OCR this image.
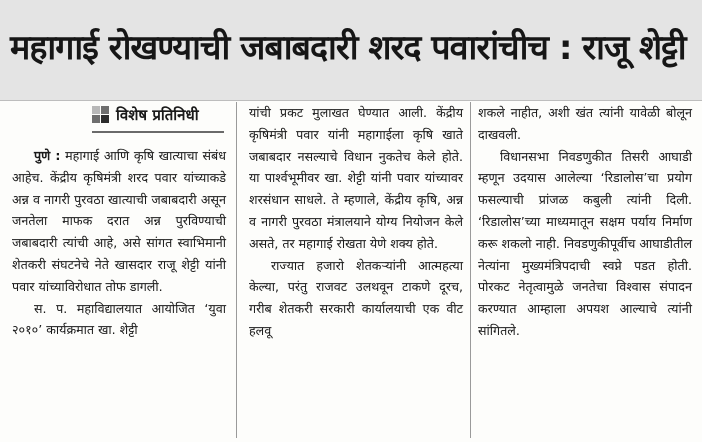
महागाई रोखण्याची जबाबदारी शरद पवारांचीच : राजू शेट्टी
विशेष प्रतिनिधी

पुणे : महागाई आणि कृषि खात्याचा संबंध आहेच. केंद्रीय कृषिमंत्री शरद पवार यांच्याकडे अन्न व नागरी पुरवठा खात्याची जबाबदारी असून जनतेला माफक दरात अन्न पुरविण्याची जबाबदारी त्यांची आहे, असे सांगत स्वाभिमानी शेतकरी संघटनेचे नेते खासदार राजू शेट्टी यांनी पवार यांच्याविरोधात तोफ डागली.

स. प. महाविद्यालयात आयोजित ‘युवा २०१०’ कार्यक्रमात खा. शेट्टी

यांची प्रकट मुलाखत घेण्यात आली. केंद्रीय कृषिमंत्री पवार यांनी महागाईला कृषि खाते जबाबदार नसल्याचे विधान नुकतेच केले होते. या पार्श्वभूमीवर खा. शेट्टी यांनी पवार यांच्यावर शरसंधान साधले. ते म्हणाले, केंद्रीय कृषि, अन्न व नागरी पुरवठा मंत्रालयाने योग्य नियोजन केले असते, तर महागाई रोखता येणे शक्य होते.

राज्यात हजारो शेतकऱ्यांनी आत्महत्या केल्या, परंतु राजवट उलथवून टाकणे दूरच, गरीब शेतकरी सरकारी कार्यालयाची एक वीट हलवू

शकले नाहीत, अशी खंत त्यांनी यावेळी बोलून दाखवली.

विधानसभा निवडणुकीत तिसरी आघाडी म्हणून उदयास आलेल्या ‘रिडालोस’चा प्रयोग फसल्याची प्रांजळ कबुली त्यांनी दिली. ‘रिडालोस’च्या माध्यमातून सक्षम पर्याय निर्माण करू शकलो नाही. निवडणुकीपूर्वीच आघाडीतील नेत्यांना मुख्यमंत्रिपदाची स्वप्ने पडत होती. पोरकट नेतृत्वामुळे जनतेचा विश्वास संपादन करण्यात आम्हाला अपयश आल्याचे त्यांनी सांगितले.
